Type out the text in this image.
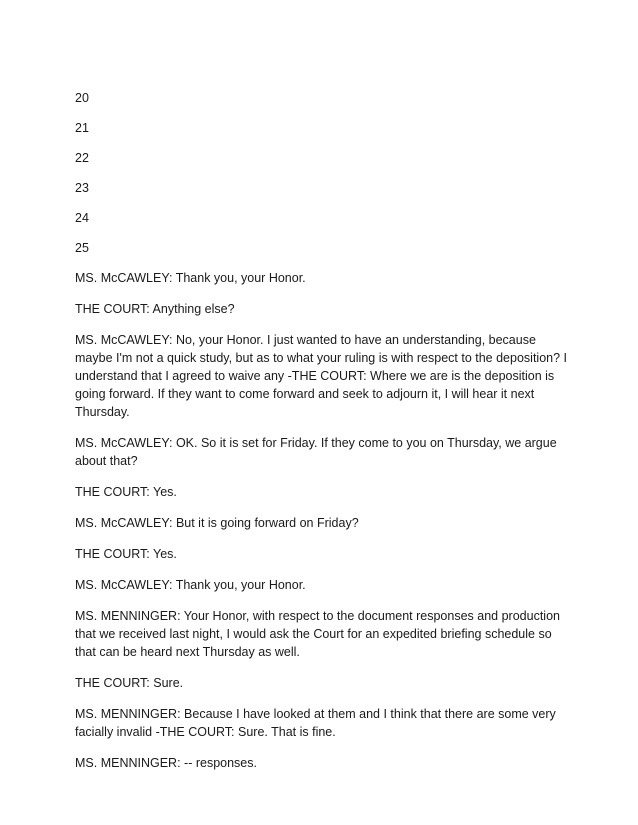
20
21
22
23
24
25

MS. McCAWLEY: Thank you, your Honor.

THE COURT: Anything else?

MS. McCAWLEY: No, your Honor. I just wanted to have an understanding, because maybe I'm not a quick study, but as to what your ruling is with respect to the deposition? I understand that I agreed to waive any -THE COURT: Where we are is the deposition is going forward. If they want to come forward and seek to adjourn it, I will hear it next Thursday.

MS. McCAWLEY: OK. So it is set for Friday. If they come to you on Thursday, we argue about that?

THE COURT: Yes.

MS. McCAWLEY: But it is going forward on Friday?

THE COURT: Yes.

MS. McCAWLEY: Thank you, your Honor.

MS. MENNINGER: Your Honor, with respect to the document responses and production that we received last night, I would ask the Court for an expedited briefing schedule so that can be heard next Thursday as well.

THE COURT: Sure.

MS. MENNINGER: Because I have looked at them and I think that there are some very facially invalid -THE COURT: Sure. That is fine.

MS. MENNINGER: -- responses.
